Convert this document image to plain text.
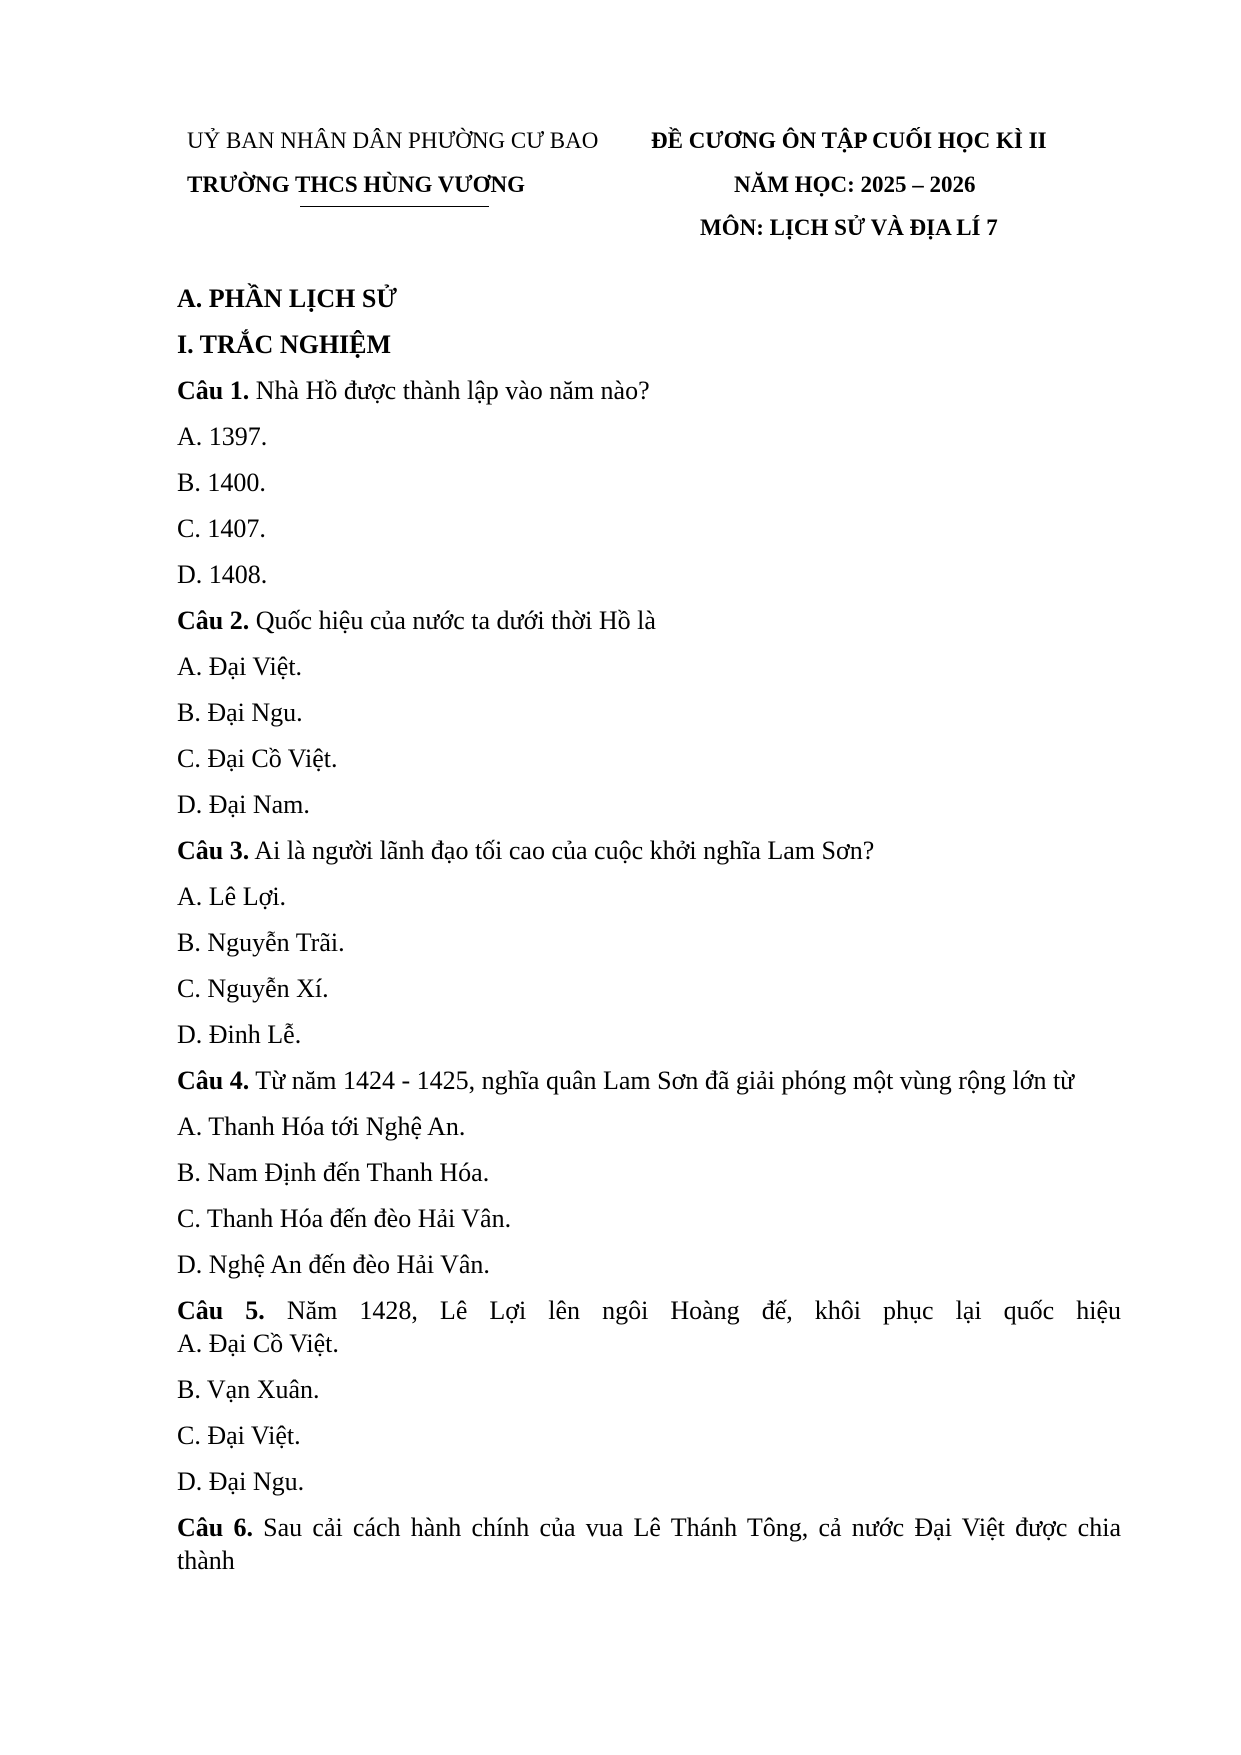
UỶ BAN NHÂN DÂN PHƯỜNG CƯ BAO
TRƯỜNG THCS HÙNG VƯƠNG
ĐỀ CƯƠNG ÔN TẬP CUỐI HỌC KÌ II
NĂM HỌC: 2025 – 2026
MÔN: LỊCH SỬ VÀ ĐỊA LÍ 7
A. PHẦN LỊCH SỬ
I. TRẮC NGHIỆM
Câu 1. Nhà Hồ được thành lập vào năm nào?
A. 1397.
B. 1400.
C. 1407.
D. 1408.
Câu 2. Quốc hiệu của nước ta dưới thời Hồ là
A. Đại Việt.
B. Đại Ngu.
C. Đại Cồ Việt.
D. Đại Nam.
Câu 3. Ai là người lãnh đạo tối cao của cuộc khởi nghĩa Lam Sơn?
A. Lê Lợi.
B. Nguyễn Trãi.
C. Nguyễn Xí.
D. Đinh Lễ.
Câu 4. Từ năm 1424 - 1425, nghĩa quân Lam Sơn đã giải phóng một vùng rộng lớn từ
A. Thanh Hóa tới Nghệ An.
B. Nam Định đến Thanh Hóa.
C. Thanh Hóa đến đèo Hải Vân.
D. Nghệ An đến đèo Hải Vân.
Câu 5. Năm 1428, Lê Lợi lên ngôi Hoàng đế, khôi phục lại quốc hiệu
A. Đại Cồ Việt.
B. Vạn Xuân.
C. Đại Việt.
D. Đại Ngu.
Câu 6. Sau cải cách hành chính của vua Lê Thánh Tông, cả nước Đại Việt được chia thành
